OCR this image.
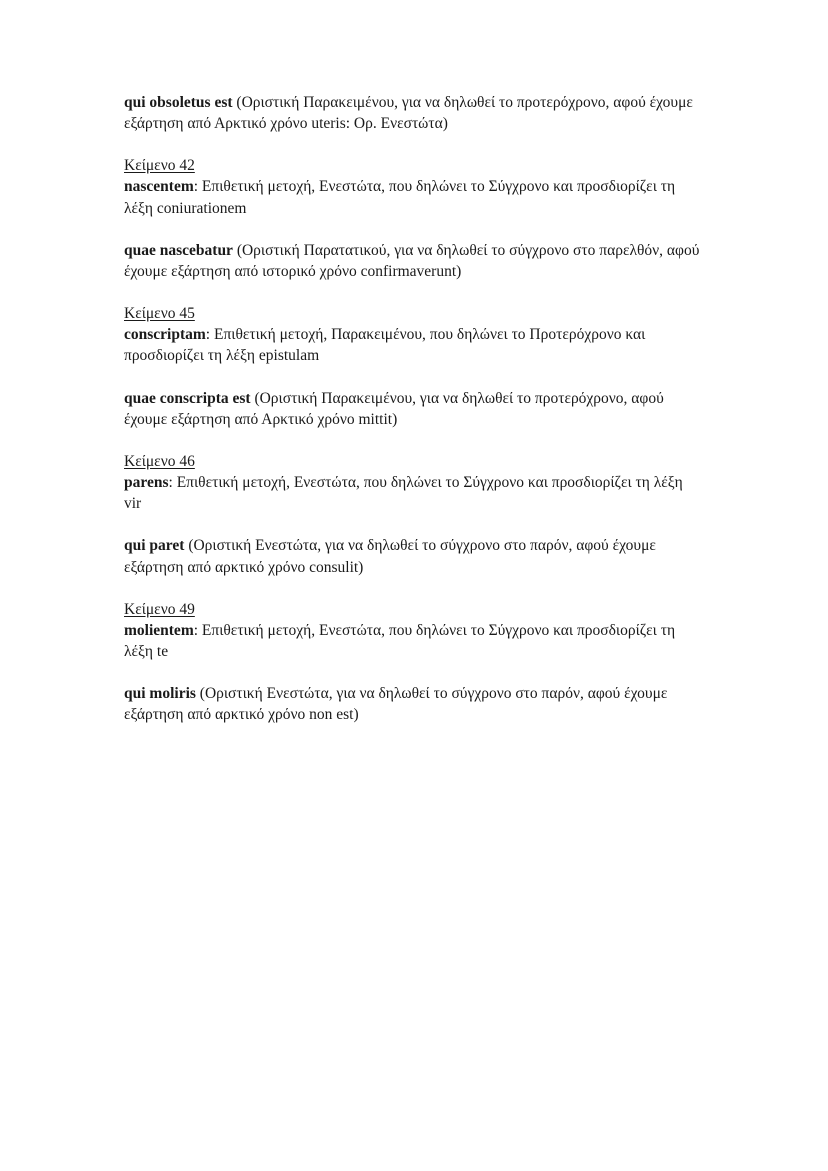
qui obsoletus est (Οριστική Παρακειμένου, για να δηλωθεί το προτερόχρονο, αφού έχουμε εξάρτηση από Αρκτικό χρόνο uteris: Ορ. Ενεστώτα)

Κείμενο 42

nascentem: Επιθετική μετοχή, Ενεστώτα, που δηλώνει το Σύγχρονο και προσδιορίζει τη λέξη coniurationem

quae nascebatur (Οριστική Παρατατικού, για να δηλωθεί το σύγχρονο στο παρελθόν, αφού έχουμε εξάρτηση από ιστορικό χρόνο confirmaverunt)

Κείμενο 45

conscriptam: Επιθετική μετοχή, Παρακειμένου, που δηλώνει το Προτερόχρονο και προσδιορίζει τη λέξη epistulam

quae conscripta est (Οριστική Παρακειμένου, για να δηλωθεί το προτερόχρονο, αφού έχουμε εξάρτηση από Αρκτικό χρόνο mittit)

Κείμενο 46

parens: Επιθετική μετοχή, Ενεστώτα, που δηλώνει το Σύγχρονο και προσδιορίζει τη λέξη vir

qui paret (Οριστική Ενεστώτα, για να δηλωθεί το σύγχρονο στο παρόν, αφού έχουμε εξάρτηση από αρκτικό χρόνο consulit)

Κείμενο 49

molientem: Επιθετική μετοχή, Ενεστώτα, που δηλώνει το Σύγχρονο και προσδιορίζει τη λέξη te

qui moliris (Οριστική Ενεστώτα, για να δηλωθεί το σύγχρονο στο παρόν, αφού έχουμε εξάρτηση από αρκτικό χρόνο non est)
